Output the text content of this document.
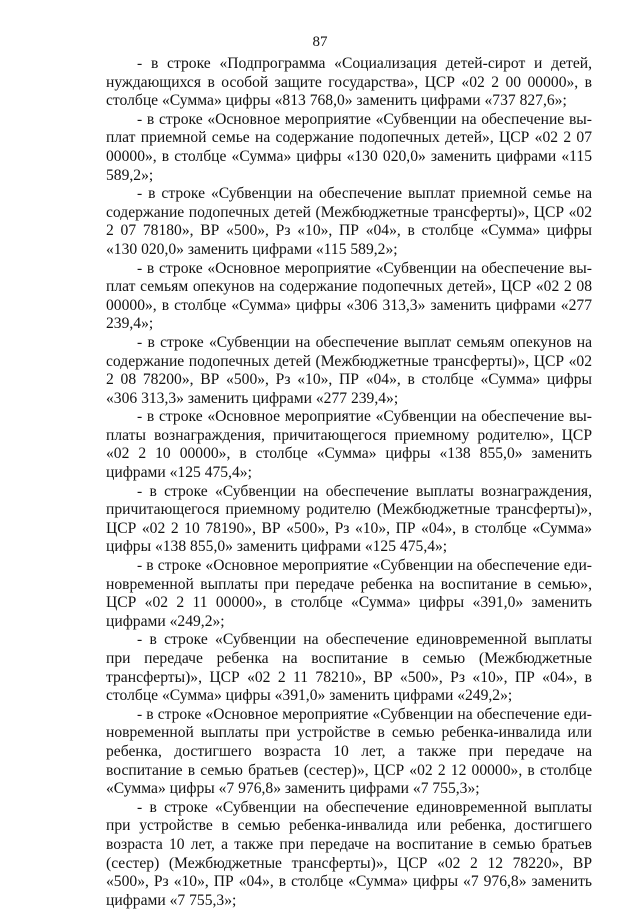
87

- в строке «Подпрограмма «Социализация детей-сирот и детей, нуждающихся в особой защите государства», ЦСР «02 2 00 00000», в столбце «Сумма» цифры «813 768,0» заменить цифрами «737 827,6»;

- в строке «Основное мероприятие «Субвенции на обеспечение выплат приемной семье на содержание подопечных детей», ЦСР «02 2 07 00000», в столбце «Сумма» цифры «130 020,0» заменить цифрами «115 589,2»;

- в строке «Субвенции на обеспечение выплат приемной семье на содержание подопечных детей (Межбюджетные трансферты)», ЦСР «02 2 07 78180», ВР «500», Рз «10», ПР «04», в столбце «Сумма» цифры «130 020,0» заменить цифрами «115 589,2»;

- в строке «Основное мероприятие «Субвенции на обеспечение выплат семьям опекунов на содержание подопечных детей», ЦСР «02 2 08 00000», в столбце «Сумма» цифры «306 313,3» заменить цифрами «277 239,4»;

- в строке «Субвенции на обеспечение выплат семьям опекунов на содержание подопечных детей (Межбюджетные трансферты)», ЦСР «02 2 08 78200», ВР «500», Рз «10», ПР «04», в столбце «Сумма» цифры «306 313,3» заменить цифрами «277 239,4»;

- в строке «Основное мероприятие «Субвенции на обеспечение выплаты вознаграждения, причитающегося приемному родителю», ЦСР «02 2 10 00000», в столбце «Сумма» цифры «138 855,0» заменить цифрами «125 475,4»;

- в строке «Субвенции на обеспечение выплаты вознаграждения, причитающегося приемному родителю (Межбюджетные трансферты)», ЦСР «02 2 10 78190», ВР «500», Рз «10», ПР «04», в столбце «Сумма» цифры «138 855,0» заменить цифрами «125 475,4»;

- в строке «Основное мероприятие «Субвенции на обеспечение единовременной выплаты при передаче ребенка на воспитание в семью», ЦСР «02 2 11 00000», в столбце «Сумма» цифры «391,0» заменить цифрами «249,2»;

- в строке «Субвенции на обеспечение единовременной выплаты при передаче ребенка на воспитание в семью (Межбюджетные трансферты)», ЦСР «02 2 11 78210», ВР «500», Рз «10», ПР «04», в столбце «Сумма» цифры «391,0» заменить цифрами «249,2»;

- в строке «Основное мероприятие «Субвенции на обеспечение единовременной выплаты при устройстве в семью ребенка-инвалида или ребенка, достигшего возраста 10 лет, а также при передаче на воспитание в семью братьев (сестер)», ЦСР «02 2 12 00000», в столбце «Сумма» цифры «7 976,8» заменить цифрами «7 755,3»;

- в строке «Субвенции на обеспечение единовременной выплаты при устройстве в семью ребенка-инвалида или ребенка, достигшего возраста 10 лет, а также при передаче на воспитание в семью братьев (сестер) (Межбюджетные трансферты)», ЦСР «02 2 12 78220», ВР «500», Рз «10», ПР «04», в столбце «Сумма» цифры «7 976,8» заменить цифрами «7 755,3»;
